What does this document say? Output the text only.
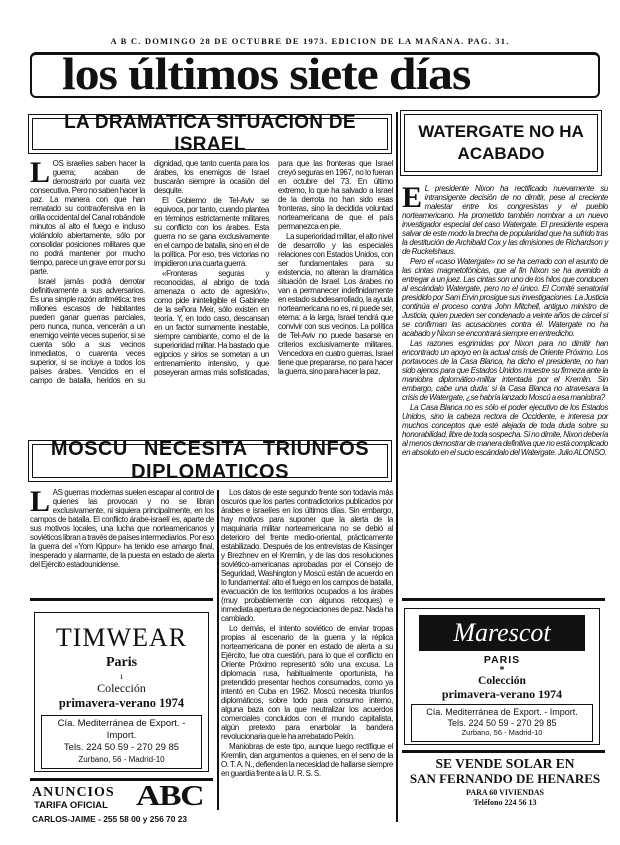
A B C. DOMINGO 28 DE OCTUBRE DE 1973. EDICION DE LA MAÑANA. PAG. 31.
los últimos siete días
LA DRAMATICA SITUACION DE ISRAEL

LOS israelíes saben hacer la guerra; acaban de demostrarlo por cuarta vez consecutiva. Pero no saben hacer la paz. La manera con que han rematado su contraofensiva en la orilla occidental del Canal robándole minutos al alto el fuego e incluso violándolo abiertamente, sólo por consolidar posiciones militares que no podrá mantener por mucho tiempo, parece un grave error por su parte.

Israel jamás podrá derrotar definitivamente a sus adversarios. Es una simple razón aritmética: tres millones escasos de habitantes pueden ganar guerras parciales, pero nunca, nunca, vencerán a un enemigo veinte veces superior, si se cuenta sólo a sus vecinos inmediatos, o cuarenta veces superior, si se incluye a todos los países árabes. Vencidos en el campo de batalla, heridos en su dignidad, que tanto cuenta para los árabes, los enemigos de Israel buscarán siempre la ocasión del desquite.

El Gobierno de Tel-Aviv se equivoca, por tanto, cuando plantea en términos estrictamente militares su conflicto con los árabes. Esta guerra no se gana exclusivamente en el campo de batalla, sino en el de la política. Por eso, tres victorias no impidieron una cuarta guerra.

«Fronteras seguras y reconocidas, al abrigo de toda amenaza o acto de agresión», como pide ininteligible el Gabinete de la señora Meir, sólo existen en teoría. Y, en todo caso, descansan en un factor sumamente inestable, siempre cambiante, como el de la superioridad militar. Ha bastado que egipcios y sirios se sometan a un entrenamiento intensivo, y que poseyeran armas más sofisticadas, para que las fronteras que Israel creyó seguras en 1967, no lo fueran en octubre del 73. En último extremo, lo que ha salvado a Israel de la derrota no han sido esas fronteras, sino la decidida voluntad norteamericana de que el país permanezca en pie.

La superioridad militar, el alto nivel de desarrollo y las especiales relaciones con Estados Unidos, con ser fundamentales para su existencia, no alteran la dramática situación de Israel. Los árabes no van a permanecer indefinidamente en estado subdesarrollado, la ayuda norteamericana no es, ni puede ser, eterna: a la larga, Israel tendrá que convivir con sus vecinos. La política de Tel-Aviv no puede basarse en criterios exclusivamente militares. Vencedora en cuatro guerras, Israel tiene que prepararse, no para hacer la guerra, sino para hacer la paz.

WATERGATE NO HA
ACABADO

E L presidente Nixon ha rectificado nuevamente su intransigente decisión de no dimitir, pese al creciente malestar entre los congresistas y el pueblo norteamericano. Ha prometido también nombrar a un nuevo investigador especial del caso Watergate. El presidente espera salvar de este modo la brecha de popularidad que ha sufrido tras la destitución de Archibald Cox y las dimisiones de Richardson y de Ruckelshaus.

Pero el «caso Watergate» no se ha cerrado con el asunto de las cintas magnetofónicas, que al fin Nixon se ha avenido a entregar a un juez. Las cintas son uno de los hilos que conducen al escándalo Watergate, pero no el único. El Comité senatorial presidido por Sam Ervin prosigue sus investigaciones. La Justicia continúa el proceso contra John Mitchell, antiguo ministro de Justicia, quien pueden ser condenado a veinte años de cárcel si se confirman las acusaciones contra él. Watergate no ha acabado y Nixon se encontrará siempre en entredicho.

Las razones esgrimidas por Nixon para no dimitir han encontrado un apoyo en la actual crisis de Oriente Próximo. Los portavoces de la Casa Blanca, ha dicho el presidente, no han sido ajenos para que Estados Unidos muestre su firmeza ante la maniobra diplomático-militar intentada por el Kremlin. Sin embargo, cabe una duda: si la Casa Blanca no atravesara la crisis de Watergate, ¿se habría lanzado Moscú a esa maniobra?

La Casa Blanca no es sólo el poder ejecutivo de los Estados Unidos, sino la cabeza rectora de Occidente, e interesa por muchos conceptos que esté alejada de toda duda sobre su honorabilidad, libre de toda sospecha. Si no dimite, Nixon debería al menos demostrar de manera definitiva que no está complicado en absoluto en el sucio escándalo del Watergate. Julio ALONSO.

MOSCU NECESITA TRIUNFOS DIPLOMATICOS

LAS guerras modernas suelen escapar al control de quienes las provocan y no se libran exclusivamente, ni siquiera principalmente, en los campos de batalla. El conflicto árabe-israelí es, aparte de sus motivos locales, una lucha que norteamericanos y soviéticos libran a través de países intermediarios. Por eso la guerra del «Yom Kippur» ha tenido ese amargo final, inesperado y alarmante, de la puesta en estado de alerta del Ejército estadounidense.

Los datos de este segundo frente son todavía más oscuros que los partes contradictorios publicados por árabes e israelíes en los últimos días. Sin embargo, hay motivos para suponer que la alerta de la maquinaria militar norteamericana no se debió al deterioro del frente medio-oriental, prácticamente estabilizado. Después de los entrevistas de Kissinger y Brezhnev en el Kremlin, y de las dos resoluciones soviético-americanas aprobadas por el Consejo de Seguridad, Washington y Moscú están de acuerdo en lo fundamental: alto el fuego en los campos de batalla, evacuación de los territorios ocupados a los árabes (muy probablemente con algunos retoques) e inmediata apertura de negociaciones de paz. Nada ha cambiado.

Lo demás, el intento soviético de enviar tropas propias al escenario de la guerra y la réplica norteamericana de poner en estado de alerta a su Ejército, fue otra cuestión, para lo que el conflicto en Oriente Próximo representó sólo una excusa. La diplomacia rusa, habitualmente oportunista, ha pretendido presentar hechos consumados, como ya intentó en Cuba en 1962. Moscú necesita triunfos diplomáticos, sobre todo para consumo interno, alguna baza con la que neutralizar los acuerdos comerciales concluidos con el mundo capitalista, algún pretexto para enarbolar la bandera revolucionaria que le ha arrebatado Pekín.

Maniobras de este tipo, aunque luego rectifique el Kremlin, dan argumentos a quienes, en el seno de la O. T. A. N., defienden la necesidad de hallarse siempre en guardia frente a la U. R. S. S.

TIMWEAR
Paris
ı
Colección
primavera-verano 1974
Cía. Mediterránea de Export. - Import.
Tels. 224 50 59 - 270 29 85
Zurbano, 56 - Madrid-10
ANUNCIOS
TARIFA OFICIAL ABC
CARLOS-JAIME - 255 58 00 y 256 70 23
Marescot
PARIS
*
Colección
primavera-verano 1974
Cía. Mediterránea de Export. - Import.
Tels. 224 50 59 - 270 29 85
Zurbano, 56 - Madrid-10
SE VENDE SOLAR EN
SAN FERNANDO DE HENARES
PARA 60 VIVIENDAS
Teléfono 224 56 13
